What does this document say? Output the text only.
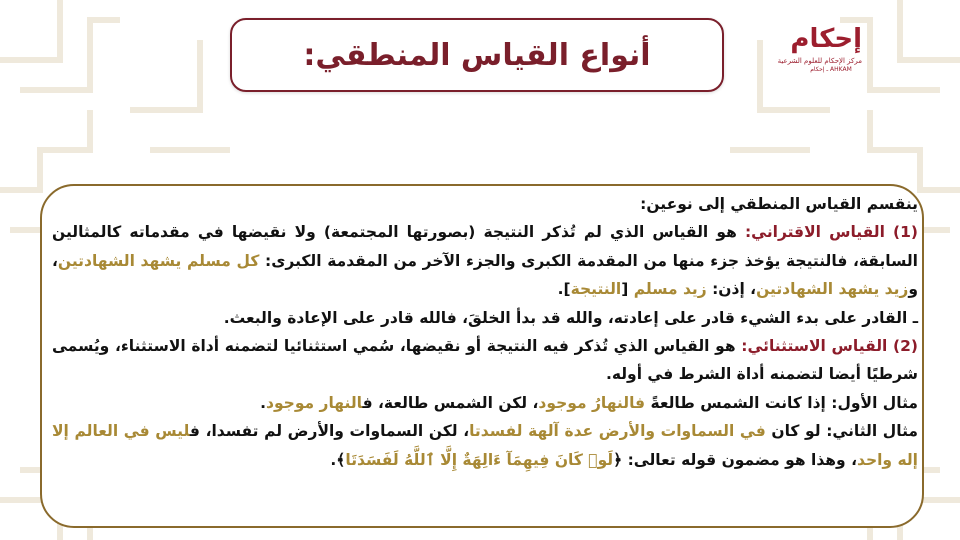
أنواع القياس المنطقي:	إحكام
مركز الإحكام للعلوم الشرعية
AHKAM ـ إحكام

ينقسم القياس المنطقي إلى نوعين:

(1) القياس الاقتراني: هو القياس الذي لم تُذكر النتيجة (بصورتها المجتمعة) ولا نقيضها في مقدماته كالمثالين السابقة، فالنتيجة يؤخذ جزء منها من المقدمة الكبرى والجزء الآخر من المقدمة الكبرى: كل مسلم يشهد الشهادتين، وزيد يشهد الشهادتين، إذن: زيد مسلم [النتيجة].

ـ القادر على بدء الشيء قادر على إعادته، والله قد بدأ الخلقَ، فالله قادر على الإعادة والبعث.

(2) القياس الاستثنائي: هو القياس الذي تُذكر فيه النتيجة أو نقيضها، سُمي استثنائيا لتضمنه أداة الاستثناء، ويُسمى شرطيًا أيضا لتضمنه أداة الشرط في أوله.

مثال الأول: إذا كانت الشمس طالعةً فالنهارُ موجود، لكن الشمس طالعة، فالنهار موجود.

مثال الثاني: لو كان في السماوات والأرض عدة آلهة لفسدتا، لكن السماوات والأرض لم تفسدا، فليس في العالم إلا إله واحد، وهذا هو مضمون قوله تعالى: ﴿لَوۡ كَانَ فِيهِمَآ ءَالِهَةٌ إِلَّا ٱللَّهُ لَفَسَدَتَا﴾.
